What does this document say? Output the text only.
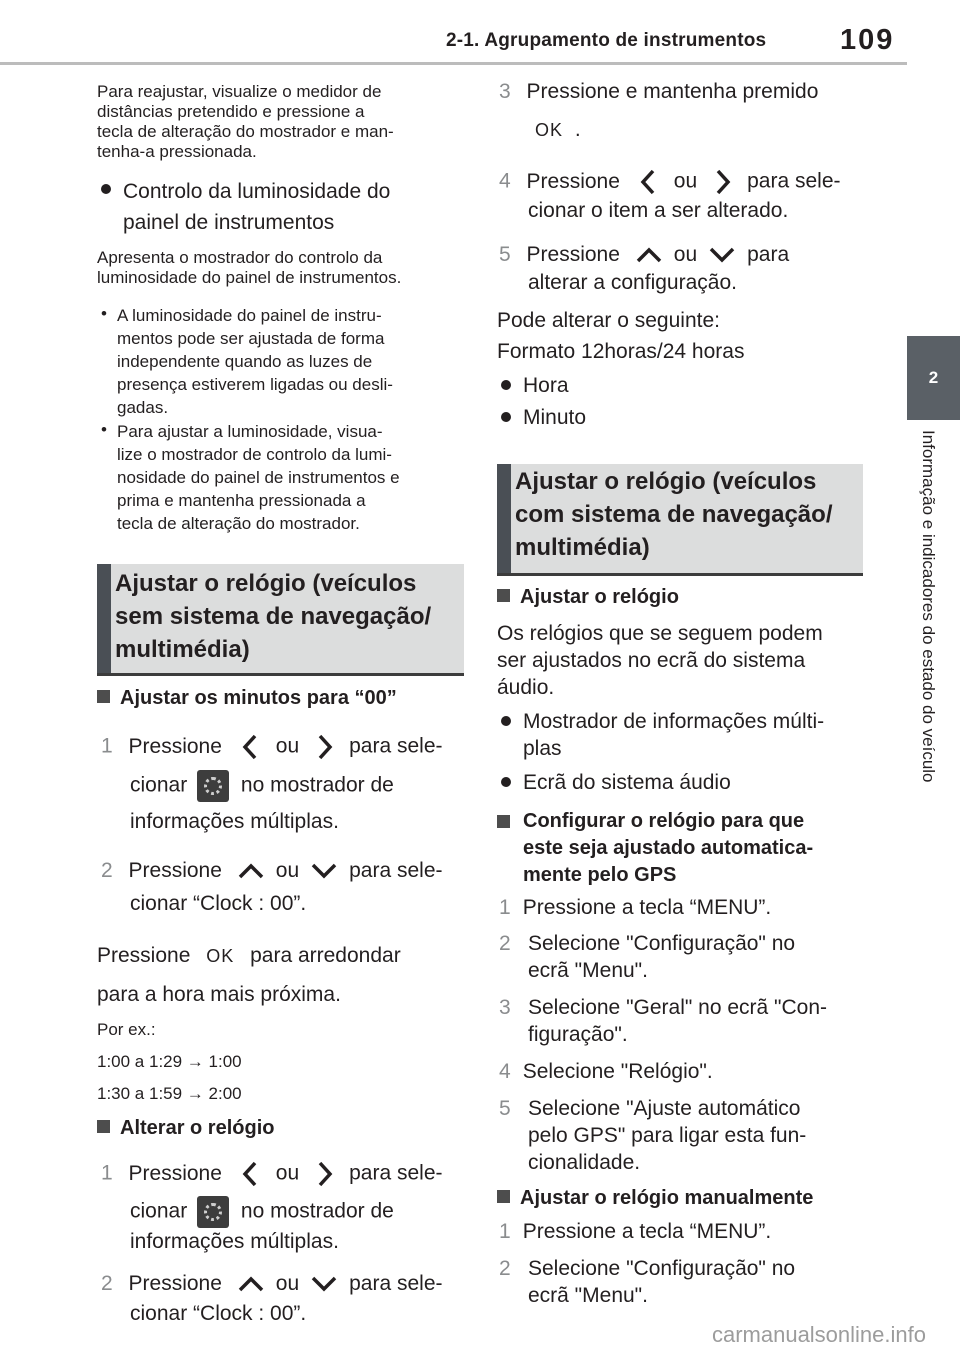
2-1. Agrupamento de instrumentos	109
2
Informação e indicadores do estado do veículo

Para reajustar, visualize o medidor de
distâncias pretendido e pressione a
tecla de alteração do mostrador e man-
tenha-a pressionada.

Controlo da luminosidade do
painel de instrumentos

Apresenta o mostrador do controlo da
luminosidade do painel de instrumentos.

• A luminosidade do painel de instru-
mentos pode ser ajustada de forma
independente quando as luzes de
presença estiverem ligadas ou desli-
gadas.

• Para ajustar a luminosidade, visua-
lize o mostrador de controlo da lumi-
nosidade do painel de instrumentos e
prima e mantenha pressionada a
tecla de alteração do mostrador.

Ajustar o relógio (veículos
sem sistema de navegação/
multimédia)
Ajustar os minutos para “00”
1 Pressione	ou para sele-
cionar	no mostrador de
informações múltiplas.
2 Pressione	ou para sele-
cionar “Clock : 00”.
Pressione OK para arredondar
para a hora mais próxima.
Por ex.:
1:00 a 1:29 → 1:00
1:30 a 1:59 → 2:00
Alterar o relógio
1 Pressione	ou para sele-
cionar	no mostrador de
informações múltiplas.
2 Pressione	ou para sele-
cionar “Clock : 00”.
3 Pressione e mantenha premido
OK .
4 Pressione	ou para sele-
cionar o item a ser alterado.
5 Pressione	ou para
alterar a configuração.
Pode alterar o seguinte:
Formato 12horas/24 horas
Hora
Minuto
Ajustar o relógio (veículos
com sistema de navegação/
multimédia)
Ajustar o relógio

Os relógios que se seguem podem
ser ajustados no ecrã do sistema
áudio.

Mostrador de informações múlti-
plas

Ecrã do sistema áudio
Configurar o relógio para que
este seja ajustado automatica-
mente pelo GPS
1 Pressione a tecla “MENU”.
2 Selecione "Configuração" no
ecrã "Menu".
3 Selecione "Geral" no ecrã "Con-
figuração".
4 Selecione "Relógio".
5 Selecione "Ajuste automático
pelo GPS" para ligar esta fun-
cionalidade.
Ajustar o relógio manualmente
1 Pressione a tecla “MENU”.
2 Selecione "Configuração" no
ecrã "Menu".
carmanualsonline.info
